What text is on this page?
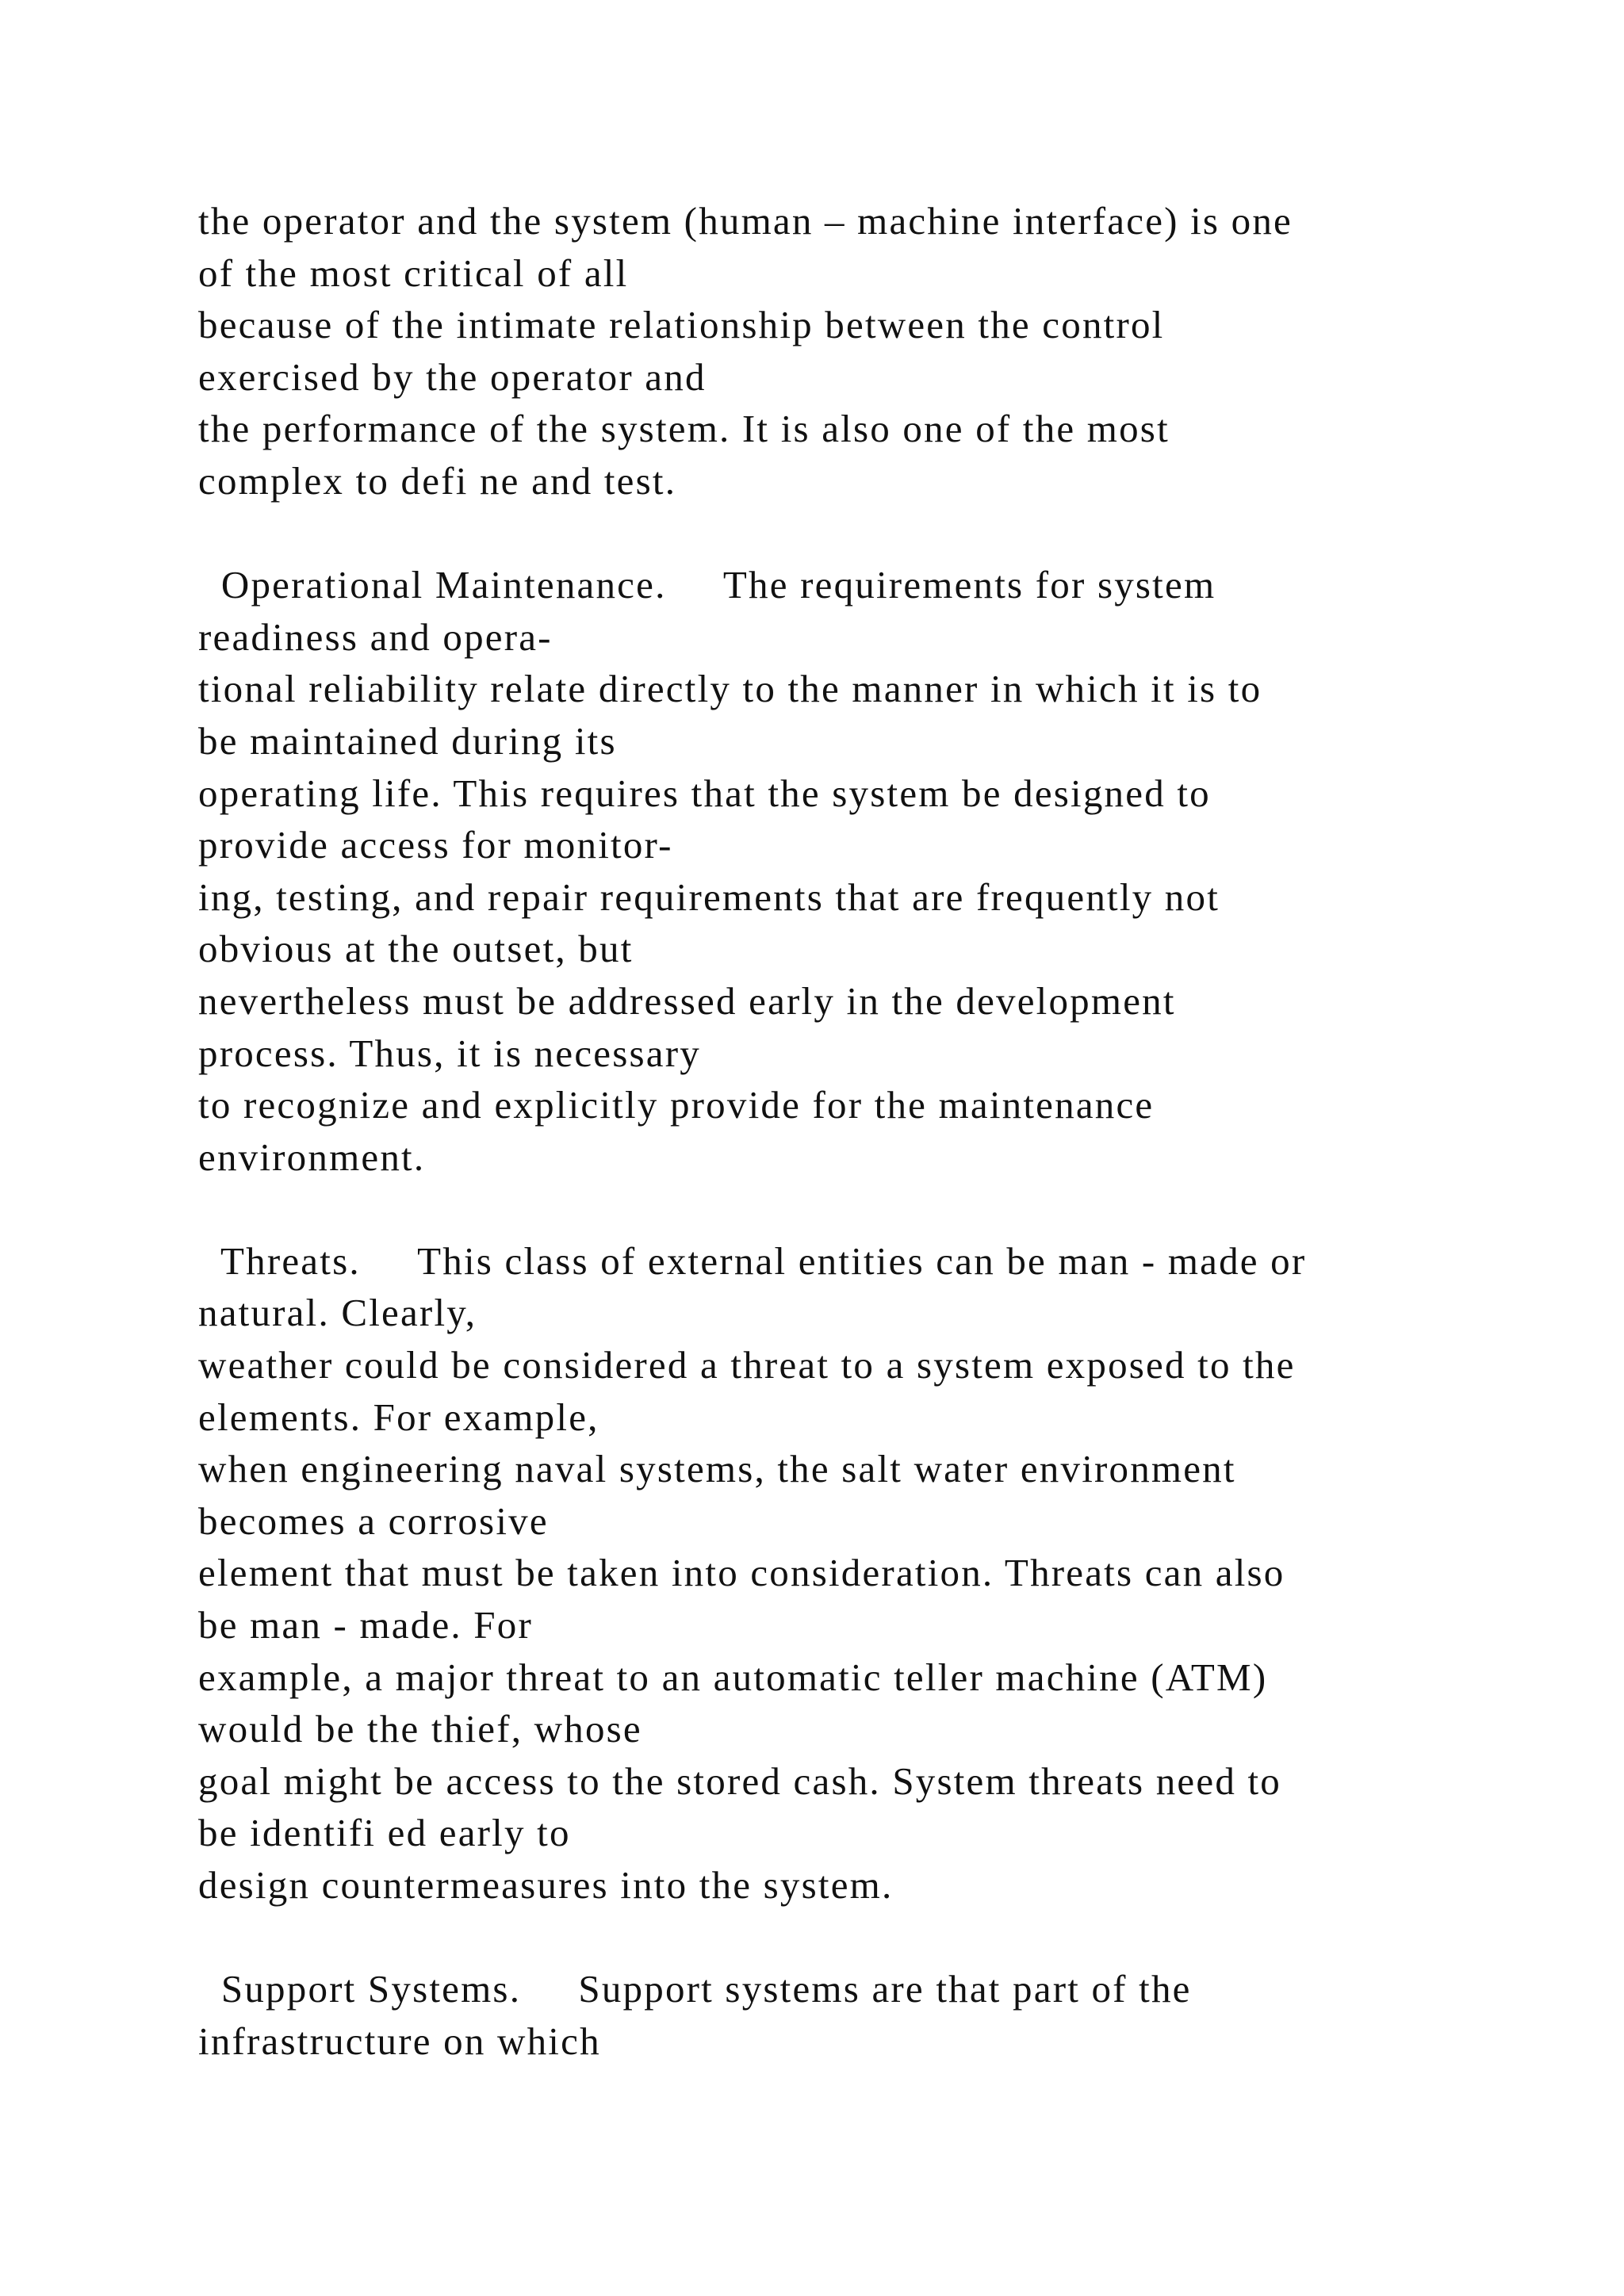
the operator and the system (human – machine interface) is one
of the most critical of all
because of the intimate relationship between the control
exercised by the operator and
the performance of the system. It is also one of the most
complex to defi ne and test.
Operational Maintenance.     The requirements for system
readiness and opera-
tional reliability relate directly to the manner in which it is to
be maintained during its
operating life. This requires that the system be designed to
provide access for monitor-
ing, testing, and repair requirements that are frequently not
obvious at the outset, but
nevertheless must be addressed early in the development
process. Thus, it is necessary
to recognize and explicitly provide for the maintenance
environment.
Threats.     This class of external entities can be man - made or
natural. Clearly,
weather could be considered a threat to a system exposed to the
elements. For example,
when engineering naval systems, the salt water environment
becomes a corrosive
element that must be taken into consideration. Threats can also
be man - made. For
example, a major threat to an automatic teller machine (ATM)
would be the thief, whose
goal might be access to the stored cash. System threats need to
be identifi ed early to
design countermeasures into the system.
Support Systems.     Support systems are that part of the
infrastructure on which
